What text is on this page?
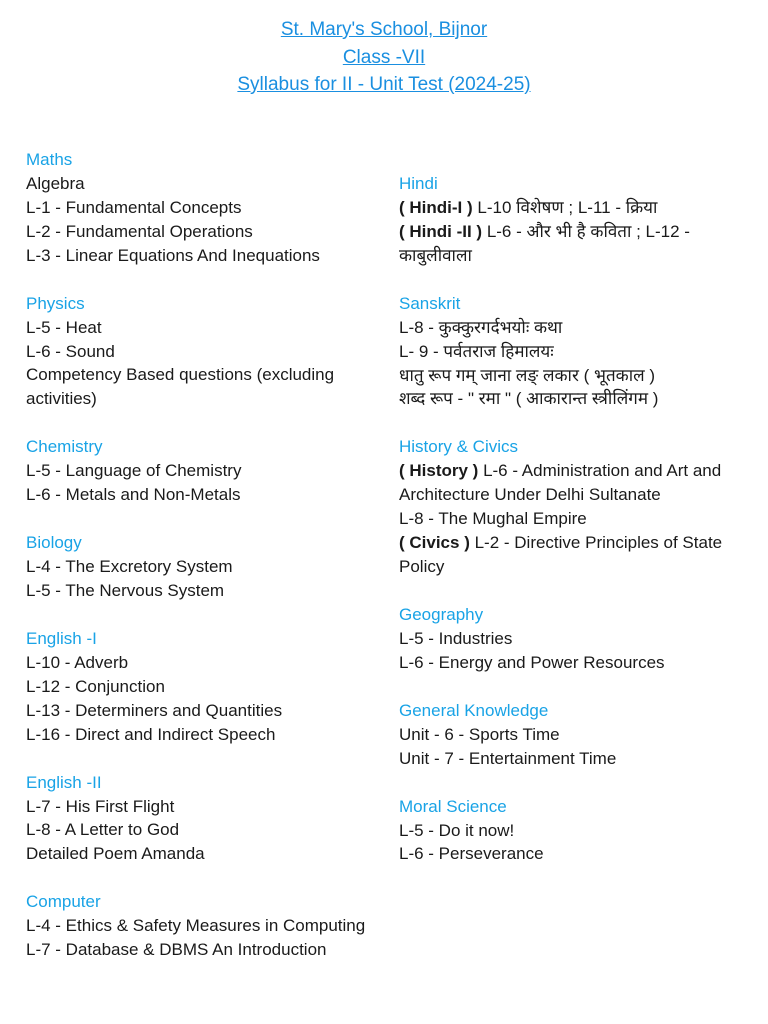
St. Mary's School, Bijnor
Class -VII
Syllabus for II - Unit Test (2024-25)
Maths
Algebra
L-1 - Fundamental Concepts
L-2 - Fundamental Operations
L-3 - Linear Equations And Inequations
Physics
L-5 - Heat
L-6 - Sound
Competency Based questions (excluding activities)
Chemistry
L-5 - Language of Chemistry
L-6 - Metals and Non-Metals
Biology
L-4 - The Excretory System
L-5 - The Nervous System
English -I
L-10 - Adverb
L-12 - Conjunction
L-13 - Determiners and Quantities
L-16 - Direct and Indirect Speech
English -II
L-7 - His First Flight
L-8 - A Letter to God
Detailed Poem Amanda
Computer
L-4 - Ethics & Safety Measures in Computing
L-7 - Database & DBMS An Introduction
Hindi
( Hindi-I ) L-10 विशेषण ; L-11 - क्रिया
( Hindi -II ) L-6 - और भी है कविता ; L-12 - काबुलीवाला
Sanskrit
L-8 - कुक्कुरगर्दभयोः कथा
L- 9 - पर्वतराज हिमालयः
धातु रूप गम् जाना लङ् लकार ( भूतकाल )
शब्द रूप - " रमा " ( आकारान्त स्त्रीलिंगम )
History & Civics
( History ) L-6 - Administration and Art and Architecture Under Delhi Sultanate
L-8 - The Mughal Empire
( Civics ) L-2 - Directive Principles of State Policy
Geography
L-5 - Industries
L-6 - Energy and Power Resources
General Knowledge
Unit - 6 - Sports Time
Unit - 7 - Entertainment Time
Moral Science
L-5 - Do it now!
L-6 - Perseverance
